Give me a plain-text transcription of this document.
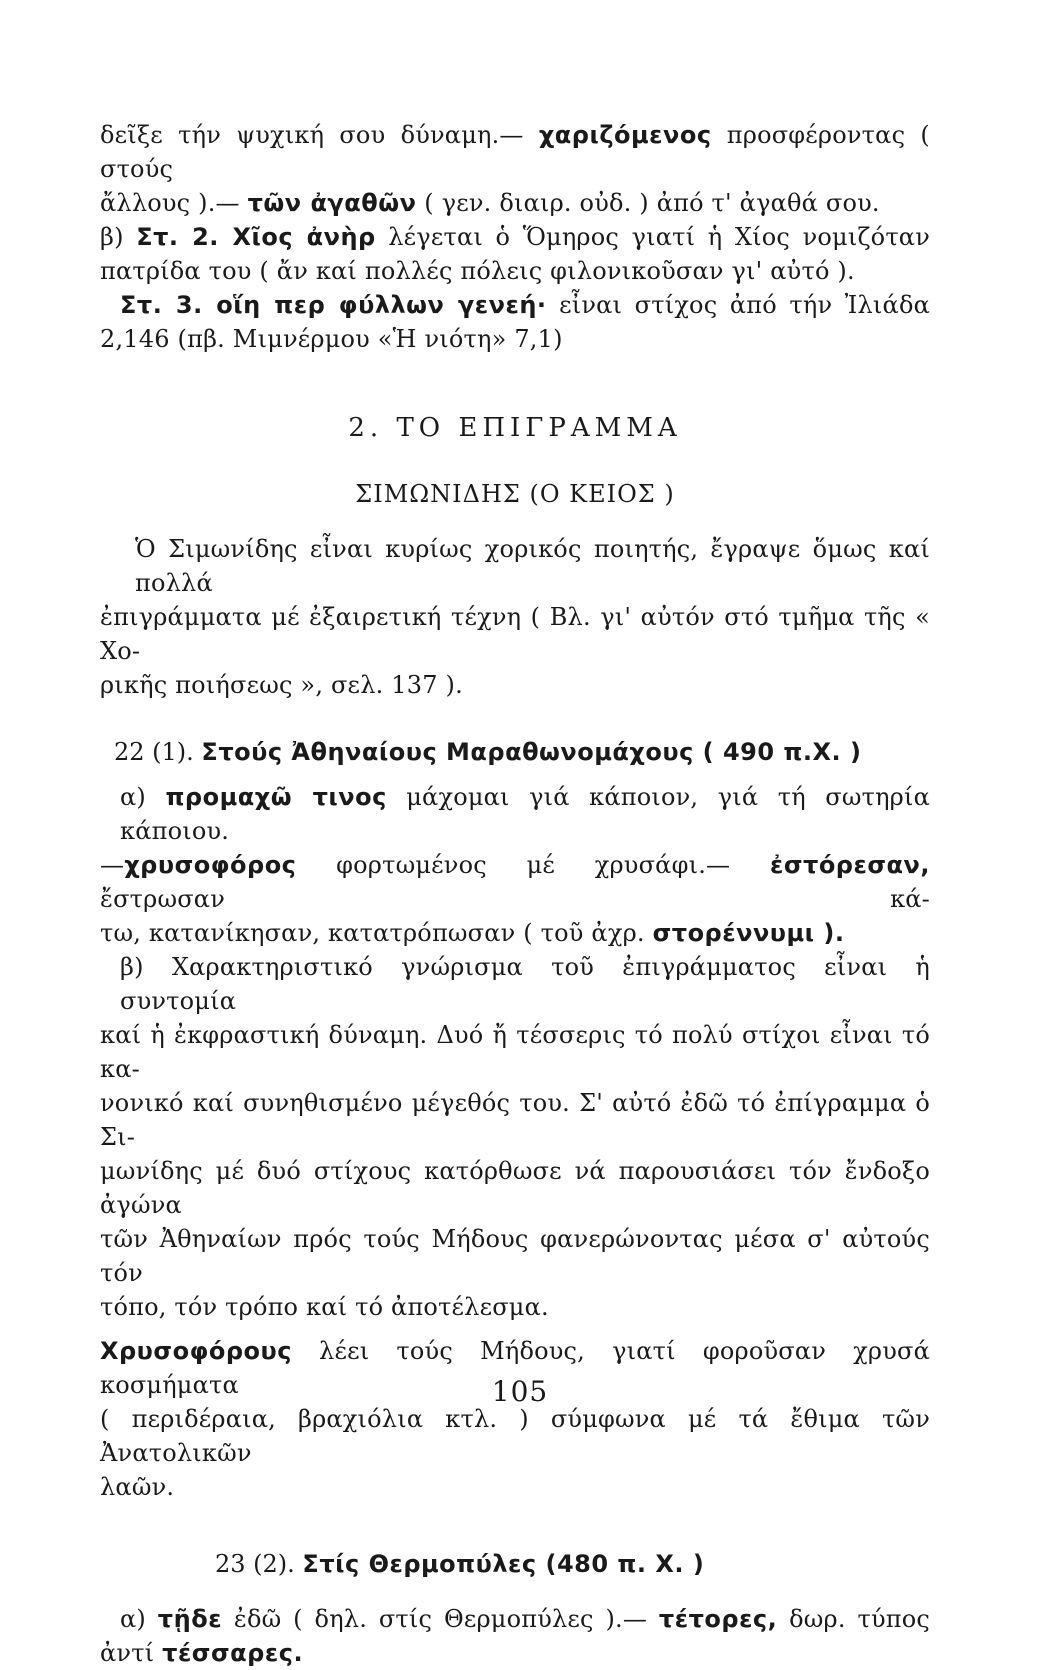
δεῖξε τήν ψυχική σου δύναμη.— χαριζόμενος προσφέροντας ( στούς
ἄλλους ).— τῶν ἀγαθῶν ( γεν. διαιρ. οὐδ. ) ἀπό τ' ἀγαθά σου.
β) Στ. 2. Χῖος ἀνὴρ λέγεται ὁ Ὅμηρος γιατί ἡ Χίος νομιζόταν
πατρίδα του ( ἄν καί πολλές πόλεις φιλονικοῦσαν γι' αὐτό ).
Στ. 3. οἵη περ φύλλων γενεή· εἶναι στίχος ἀπό τήν Ἰλιάδα
2,146 (πβ. Μιμνέρμου «Ἡ νιότη» 7,1)
2. ΤΟ ΕΠΙΓΡΑΜΜΑ
ΣΙΜΩΝΙΔΗΣ (Ο ΚΕΙΟΣ )
Ὁ Σιμωνίδης εἶναι κυρίως χορικός ποιητής, ἔγραψε ὅμως καί πολλά
ἐπιγράμματα μέ ἐξαιρετική τέχνη ( Βλ. γι' αὐτόν στό τμῆμα τῆς « Χο-
ρικῆς ποιήσεως », σελ. 137 ).
22 (1). Στούς Ἀθηναίους Μαραθωνομάχους ( 490 π.Χ. )
α) προμαχῶ τινος μάχομαι γιά κάποιον, γιά τή σωτηρία κάποιου.
—χρυσοφόρος φορτωμένος μέ χρυσάφι.— ἐστόρεσαν, ἔστρωσαν κά-
τω, κατανίκησαν, κατατρόπωσαν ( τοῦ ἀχρ. στορέννυμι ).
β) Χαρακτηριστικό γνώρισμα τοῦ ἐπιγράμματος εἶναι ἡ συντομία
καί ἡ ἐκφραστική δύναμη. Δυό ἤ τέσσερις τό πολύ στίχοι εἶναι τό κα-
νονικό καί συνηθισμένο μέγεθός του. Σ' αὐτό ἐδῶ τό ἐπίγραμμα ὁ Σι-
μωνίδης μέ δυό στίχους κατόρθωσε νά παρουσιάσει τόν ἔνδοξο ἀγώνα
τῶν Ἀθηναίων πρός τούς Μήδους φανερώνοντας μέσα σ' αὐτούς τόν
τόπο, τόν τρόπο καί τό ἀποτέλεσμα.
Χρυσοφόρους λέει τούς Μήδους, γιατί φοροῦσαν χρυσά κοσμήματα
( περιδέραια, βραχιόλια κτλ. ) σύμφωνα μέ τά ἔθιμα τῶν Ἀνατολικῶν
λαῶν.
23 (2). Στίς Θερμοπύλες (480 π. Χ. )
α) τῇδε ἐδῶ ( δηλ. στίς Θερμοπύλες ).— τέτορες, δωρ. τύπος
ἀντί τέσσαρες.
105
